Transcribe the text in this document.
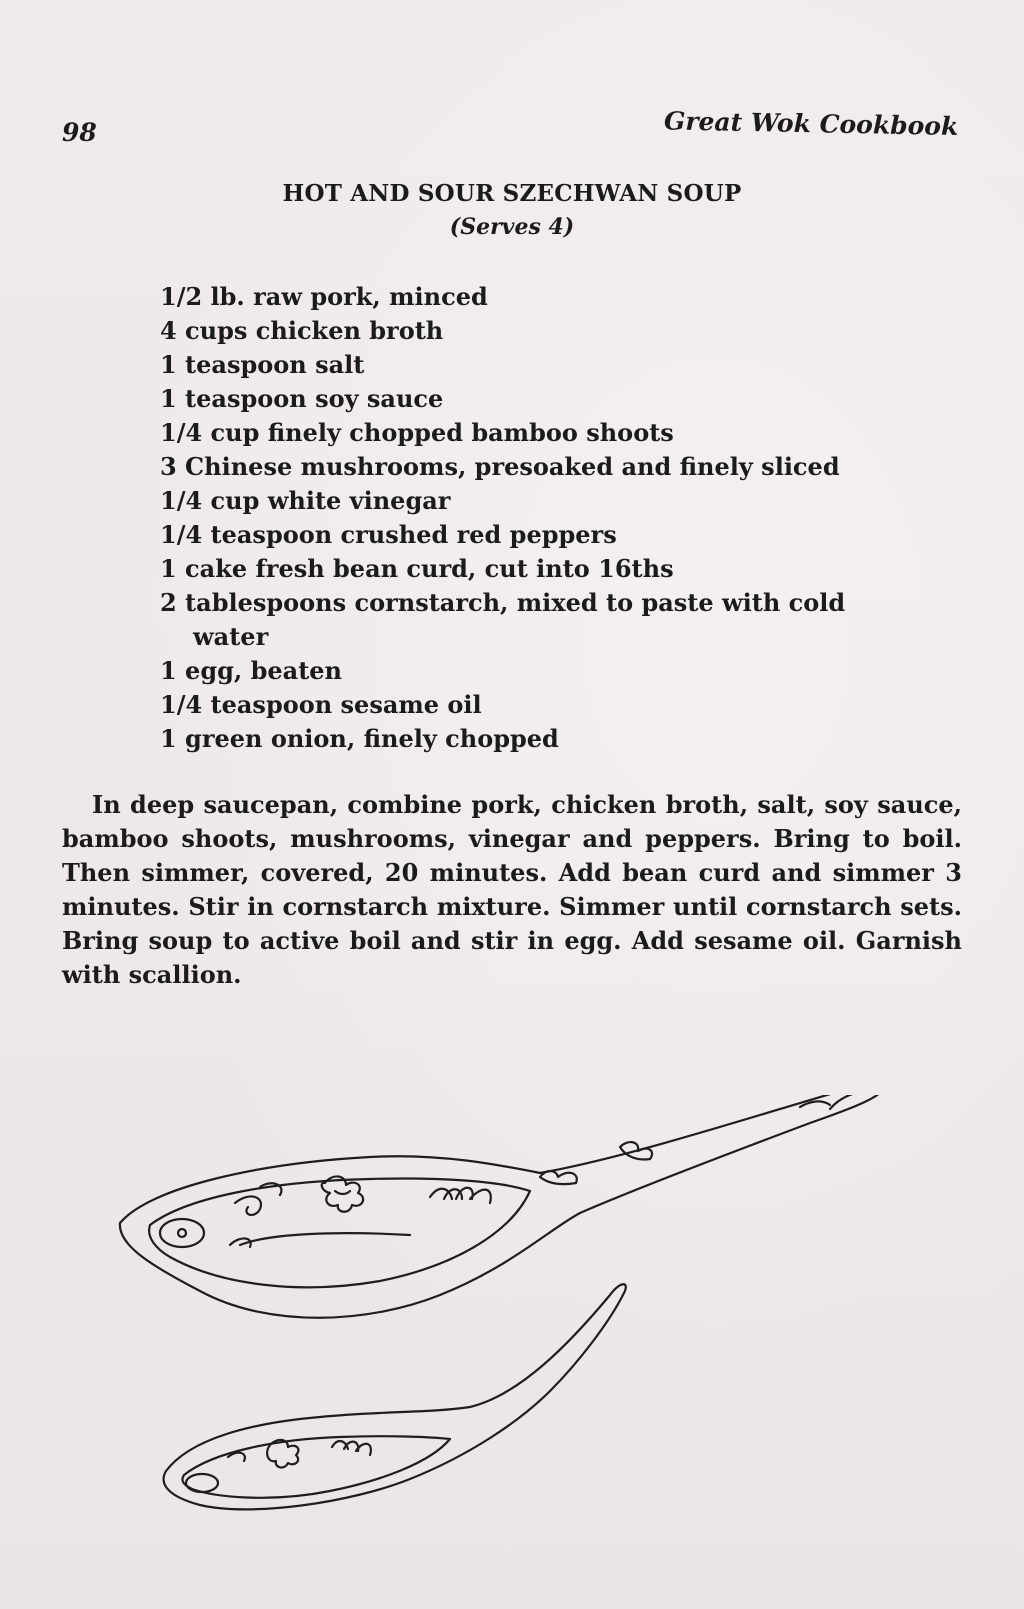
98	Great Wok Cookbook
HOT AND SOUR SZECHWAN SOUP
(Serves 4)
1/2 lb. raw pork, minced
4 cups chicken broth
1 teaspoon salt
1 teaspoon soy sauce
1/4 cup finely chopped bamboo shoots
3 Chinese mushrooms, presoaked and finely sliced
1/4 cup white vinegar
1/4 teaspoon crushed red peppers
1 cake fresh bean curd, cut into 16ths
2 tablespoons cornstarch, mixed to paste with cold water
1 egg, beaten
1/4 teaspoon sesame oil
1 green onion, finely chopped

In deep saucepan, combine pork, chicken broth, salt, soy sauce, bamboo shoots, mushrooms, vinegar and peppers. Bring to boil. Then simmer, covered, 20 minutes. Add bean curd and simmer 3 minutes. Stir in cornstarch mixture. Simmer until cornstarch sets. Bring soup to active boil and stir in egg. Add sesame oil. Garnish with scallion.
